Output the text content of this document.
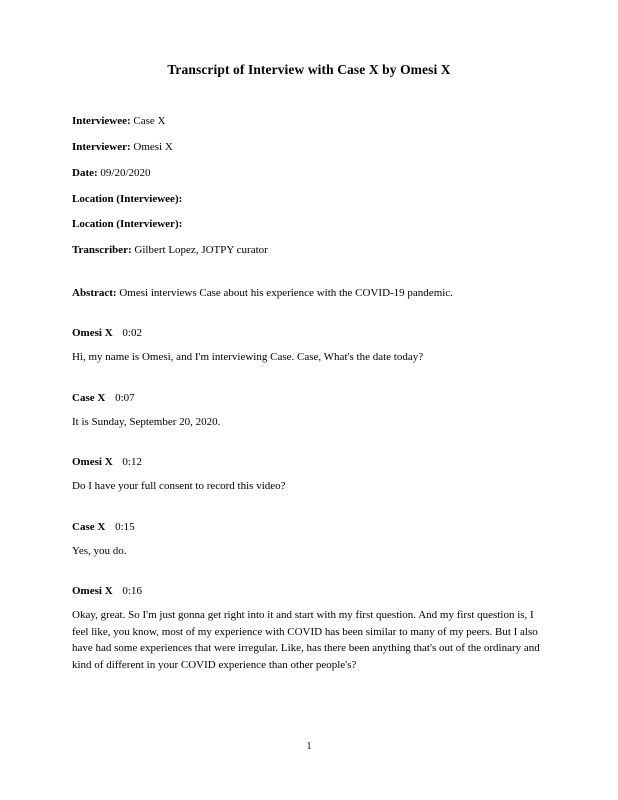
Transcript of Interview with Case X by Omesi X

Interviewee: Case X

Interviewer: Omesi X

Date: 09/20/2020

Location (Interviewee):

Location (Interviewer):

Transcriber: Gilbert Lopez, JOTPY curator

Abstract: Omesi interviews Case about his experience with the COVID-19 pandemic.

Omesi X 0:02

Hi, my name is Omesi, and I'm interviewing Case. Case, What's the date today?

Case X 0:07

It is Sunday, September 20, 2020.

Omesi X 0:12

Do I have your full consent to record this video?

Case X 0:15

Yes, you do.

Omesi X 0:16

Okay, great. So I'm just gonna get right into it and start with my first question. And my first question is, I feel like, you know, most of my experience with COVID has been similar to many of my peers. But I also have had some experiences that were irregular. Like, has there been anything that's out of the ordinary and kind of different in your COVID experience than other people's?

1
